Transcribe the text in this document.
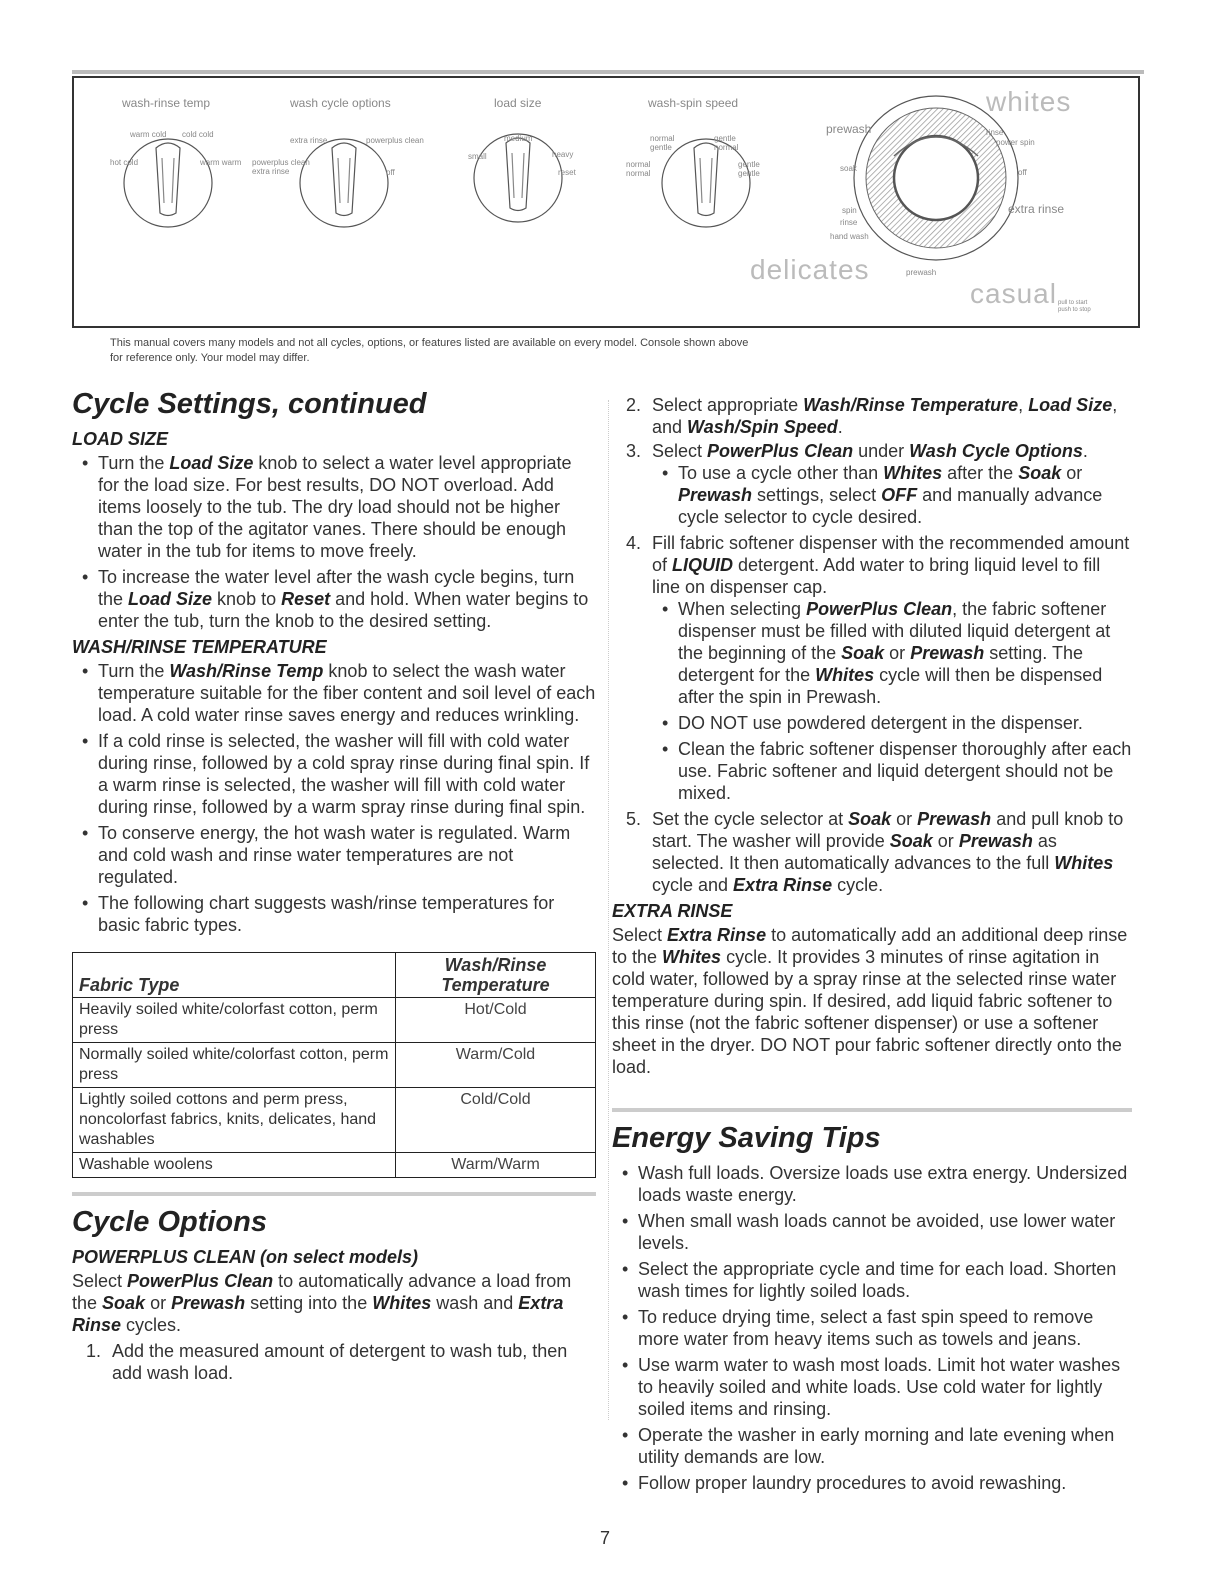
wash-rinse temp	wash cycle options	load size	wash-spin speed
warm cold cold cold
hot cold	warm warm
extra rinse	powerplus clean
powerplus clean extra rinse	off
medium
small	heavy
reset
normal gentle
gentle normal
normal normal
gentle gentle
whites
delicates
casual
prewash
soak
rinse
power spin
off
extra rinse
spin
rinse
hand wash
prewash
pull to start
push to stop
This manual covers many models and not all cycles, options, or features listed are available on every model. Console shown above for reference only. Your model may differ.
Cycle Settings, continued
LOAD SIZE
• Turn the Load Size knob to select a water level appropriate for the load size. For best results, DO NOT overload. Add items loosely to the tub. The dry load should not be higher than the top of the agitator vanes. There should be enough water in the tub for items to move freely.
• To increase the water level after the wash cycle begins, turn the Load Size knob to Reset and hold. When water begins to enter the tub, turn the knob to the desired setting.
WASH/RINSE TEMPERATURE
• Turn the Wash/Rinse Temp knob to select the wash water temperature suitable for the fiber content and soil level of each load. A cold water rinse saves energy and reduces wrinkling.
• If a cold rinse is selected, the washer will fill with cold water during rinse, followed by a cold spray rinse during final spin. If a warm rinse is selected, the washer will fill with cold water during rinse, followed by a warm spray rinse during final spin.
• To conserve energy, the hot wash water is regulated. Warm and cold wash and rinse water temperatures are not regulated.
• The following chart suggests wash/rinse temperatures for basic fabric types.
Fabric Type	Wash/Rinse
Temperature
Heavily soiled white/colorfast cotton, perm press	Hot/Cold
Normally soiled white/colorfast cotton, perm press	Warm/Cold
Lightly soiled cottons and perm press, noncolorfast fabrics, knits, delicates, hand washables	Cold/Cold
Washable woolens	Warm/Warm
Cycle Options
POWERPLUS CLEAN (on select models)
Select PowerPlus Clean to automatically advance a load from the Soak or Prewash setting into the Whites wash and Extra Rinse cycles.
1. Add the measured amount of detergent to wash tub, then add wash load.
2. Select appropriate Wash/Rinse Temperature, Load Size, and Wash/Spin Speed.
3. Select PowerPlus Clean under Wash Cycle Options.
• To use a cycle other than Whites after the Soak or Prewash settings, select OFF and manually advance cycle selector to cycle desired.
4. Fill fabric softener dispenser with the recommended amount of LIQUID detergent. Add water to bring liquid level to fill line on dispenser cap.
• When selecting PowerPlus Clean, the fabric softener dispenser must be filled with diluted liquid detergent at the beginning of the Soak or Prewash setting. The detergent for the Whites cycle will then be dispensed after the spin in Prewash.
• DO NOT use powdered detergent in the dispenser.
• Clean the fabric softener dispenser thoroughly after each use. Fabric softener and liquid detergent should not be mixed.
5. Set the cycle selector at Soak or Prewash and pull knob to start. The washer will provide Soak or Prewash as selected. It then automatically advances to the full Whites cycle and Extra Rinse cycle.
EXTRA RINSE
Select Extra Rinse to automatically add an additional deep rinse to the Whites cycle. It provides 3 minutes of rinse agitation in cold water, followed by a spray rinse at the selected rinse water temperature during spin. If desired, add liquid fabric softener to this rinse (not the fabric softener dispenser) or use a softener sheet in the dryer. DO NOT pour fabric softener directly onto the load.
Energy Saving Tips
• Wash full loads. Oversize loads use extra energy. Undersized loads waste energy.
• When small wash loads cannot be avoided, use lower water levels.
• Select the appropriate cycle and time for each load. Shorten wash times for lightly soiled loads.
• To reduce drying time, select a fast spin speed to remove more water from heavy items such as towels and jeans.
• Use warm water to wash most loads. Limit hot water washes to heavily soiled and white loads. Use cold water for lightly soiled items and rinsing.
• Operate the washer in early morning and late evening when utility demands are low.
• Follow proper laundry procedures to avoid rewashing.
7
